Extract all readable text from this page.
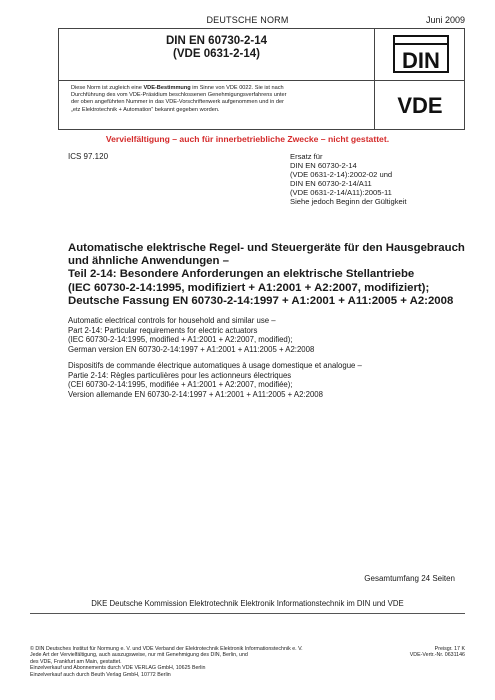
DEUTSCHE NORM	Juni 2009
DIN EN 60730-2-14
(VDE 0631-2-14)
Diese Norm ist zugleich eine VDE-Bestimmung im Sinne von VDE 0022. Sie ist nach
Durchführung des vom VDE-Präsidium beschlossenen Genehmigungsverfahrens unter
der oben angeführten Nummer in das VDE-Vorschriftenwerk aufgenommen und in der
„etz Elektrotechnik + Automation“ bekannt gegeben worden.
DIN
VDE
Vervielfältigung – auch für innerbetriebliche Zwecke – nicht gestattet.
ICS 97.120	Ersatz für
DIN EN 60730-2-14
(VDE 0631-2-14):2002-02 und
DIN EN 60730-2-14/A11
(VDE 0631-2-14/A11):2005-11
Siehe jedoch Beginn der Gültigkeit
Automatische elektrische Regel- und Steuergeräte für den Hausgebrauch
und ähnliche Anwendungen –
Teil 2-14: Besondere Anforderungen an elektrische Stellantriebe
(IEC 60730-2-14:1995, modifiziert + A1:2001 + A2:2007, modifiziert);
Deutsche Fassung EN 60730-2-14:1997 + A1:2001 + A11:2005 + A2:2008
Automatic electrical controls for household and similar use –
Part 2-14: Particular requirements for electric actuators
(IEC 60730-2-14:1995, modified + A1:2001 + A2:2007, modified);
German version EN 60730-2-14:1997 + A1:2001 + A11:2005 + A2:2008
Dispositifs de commande électrique automatiques à usage domestique et analogue –
Partie 2-14: Règles particulières pour les actionneurs électriques
(CEI 60730-2-14:1995, modifiée + A1:2001 + A2:2007, modifiée);
Version allemande EN 60730-2-14:1997 + A1:2001 + A11:2005 + A2:2008
Gesamtumfang 24 Seiten
DKE Deutsche Kommission Elektrotechnik Elektronik Informationstechnik im DIN und VDE
© DIN Deutsches Institut für Normung e. V. und VDE Verband der Elektrotechnik Elektronik Informationstechnik e. V.
Jede Art der Vervielfältigung, auch auszugsweise, nur mit Genehmigung des DIN, Berlin, und
des VDE, Frankfurt am Main, gestattet.
Einzelverkauf und Abonnements durch VDE VERLAG GmbH, 10625 Berlin
Einzelverkauf auch durch Beuth Verlag GmbH, 10772 Berlin
Preisgr. 17 K
VDE-Vertr.-Nr. 0631146
